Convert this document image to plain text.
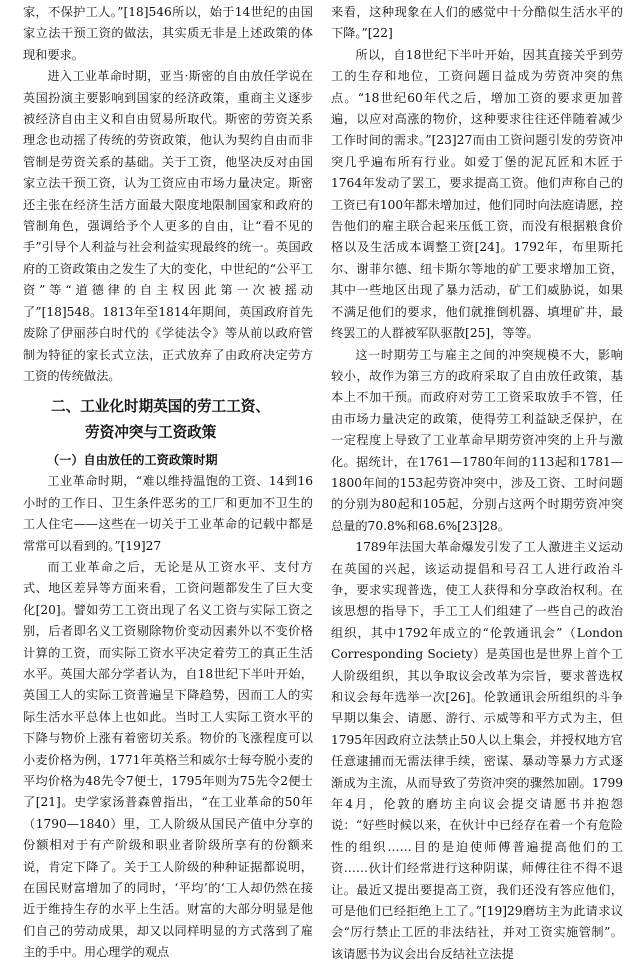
家，不保护工人。”[18]546所以，始于14世纪的由国家立法干预工资的做法，其实质无非是上述政策的体现和要求。

进入工业革命时期，亚当·斯密的自由放任学说在英国扮演主要影响到国家的经济政策，重商主义逐步被经济自由主义和自由贸易所取代。斯密的劳资关系理念也动摇了传统的劳资政策，他认为契约自由而非管制是劳资关系的基础。关于工资，他坚决反对由国家立法干预工资，认为工资应由市场力量决定。斯密还主张在经济生活方面最大限度地限制国家和政府的管制角色，强调给予个人更多的自由，让“看不见的手”引导个人利益与社会利益实现最终的统一。英国政府的工资政策由之发生了大的变化，中世纪的“公平工资”等“道德律的自主权因此第一次被摇动了”[18]548。1813年至1814年期间，英国政府首先废除了伊丽莎白时代的《学徒法令》等从前以政府管制为特征的家长式立法，正式放弃了由政府决定劳方工资的传统做法。

二、工业化时期英国的劳工工资、
劳资冲突与工资政策
（一）自由放任的工资政策时期

工业革命时期，“难以维持温饱的工资、14到16小时的工作日、卫生条件恶劣的工厂和更加不卫生的工人住宅——这些在一切关于工业革命的记载中都是常常可以看到的。”[19]27

而工业革命之后，无论是从工资水平、支付方式、地区差异等方面来看，工资问题都发生了巨大变化[20]。譬如劳工工资出现了名义工资与实际工资之别，后者即名义工资剔除物价变动因素外以不变价格计算的工资，而实际工资水平决定着劳工的真正生活水平。英国大部分学者认为，自18世纪下半叶开始，英国工人的实际工资普遍呈下降趋势，因而工人的实际生活水平总体上也如此。当时工人实际工资水平的下降与物价上涨有着密切关系。物价的飞涨程度可以小麦价格为例，1771年英格兰和威尔士每夸脱小麦的平均价格为48先令7便士，1795年则为75先令2便士了[21]。史学家汤普森曾指出，“在工业革命的50年（1790—1840）里，工人阶级从国民产值中分享的份额相对于有产阶级和职业者阶级所享有的份额来说，肯定下降了。关于工人阶级的种种证据都说明，在国民财富增加了的同时，‘平均’的‘工人却仍然在接近于维持生存的水平上生活。财富的大部分明显是他们自己的劳动成果，却又以同样明显的方式落到了雇主的手中。用心理学的观点

来看，这种现象在人们的感觉中十分酷似生活水平的下降。”[22]

所以，自18世纪下半叶开始，因其直接关乎到劳工的生存和地位，工资问题日益成为劳资冲突的焦点。“18世纪60年代之后，增加工资的要求更加普遍，以应对高涨的物价，这种要求往往还伴随着减少工作时间的需求。”[23]27而由工资问题引发的劳资冲突几乎遍布所有行业。如爱丁堡的泥瓦匠和木匠于1764年发动了罢工，要求提高工资。他们声称自己的工资已有100年都未增加过，他们同时向法庭请愿，控告他们的雇主联合起来压低工资，而没有根据粮食价格以及生活成本调整工资[24]。1792年，布里斯托尔、谢菲尔德、纽卡斯尔等地的矿工要求增加工资，其中一些地区出现了暴力活动，矿工们威胁说，如果不满足他们的要求，他们就推倒机器、填埋矿井，最终罢工的人群被军队驱散[25]，等等。

这一时期劳工与雇主之间的冲突规模不大，影响较小，故作为第三方的政府采取了自由放任政策，基本上不加干预。而政府对劳工工资采取放手不管，任由市场力量决定的政策，使得劳工利益缺乏保护，在一定程度上导致了工业革命早期劳资冲突的上升与激化。据统计，在1761—1780年间的113起和1781—1800年间的153起劳资冲突中，涉及工资、工时问题的分别为80起和105起，分别占这两个时期劳资冲突总量的70.8%和68.6%[23]28。

1789年法国大革命爆发引发了工人激进主义运动在英国的兴起，该运动提倡和号召工人进行政治斗争，要求实现普选，使工人获得和分享政治权利。在该思想的指导下，手工工人们组建了一些自己的政治组织，其中1792年成立的“伦敦通讯会”（London Corresponding Society）是英国也是世界上首个工人阶级组织，其以争取议会改革为宗旨，要求普选权和议会每年选举一次[26]。伦敦通讯会所组织的斗争早期以集会、请愿、游行、示威等和平方式为主，但1795年因政府立法禁止50人以上集会，并授权地方官任意逮捕而无需法律手续，密谋、暴动等暴力方式逐渐成为主流，从而导致了劳资冲突的骤然加剧。1799年4月，伦敦的磨坊主向议会提交请愿书并抱怨说：“好些时候以来，在伙计中已经存在着一个有危险性的组织……目的是迫使师傅普遍提高他们的工资……伙计们经常进行这种阴谋，师傅往往不得不退让。最近又提出要提高工资，我们还没有答应他们，可是他们已经拒绝上工了。”[19]29磨坊主为此请求议会“厉行禁止工匠的非法结社，并对工资实施管制”。该请愿书为议会出台反结社立法提
